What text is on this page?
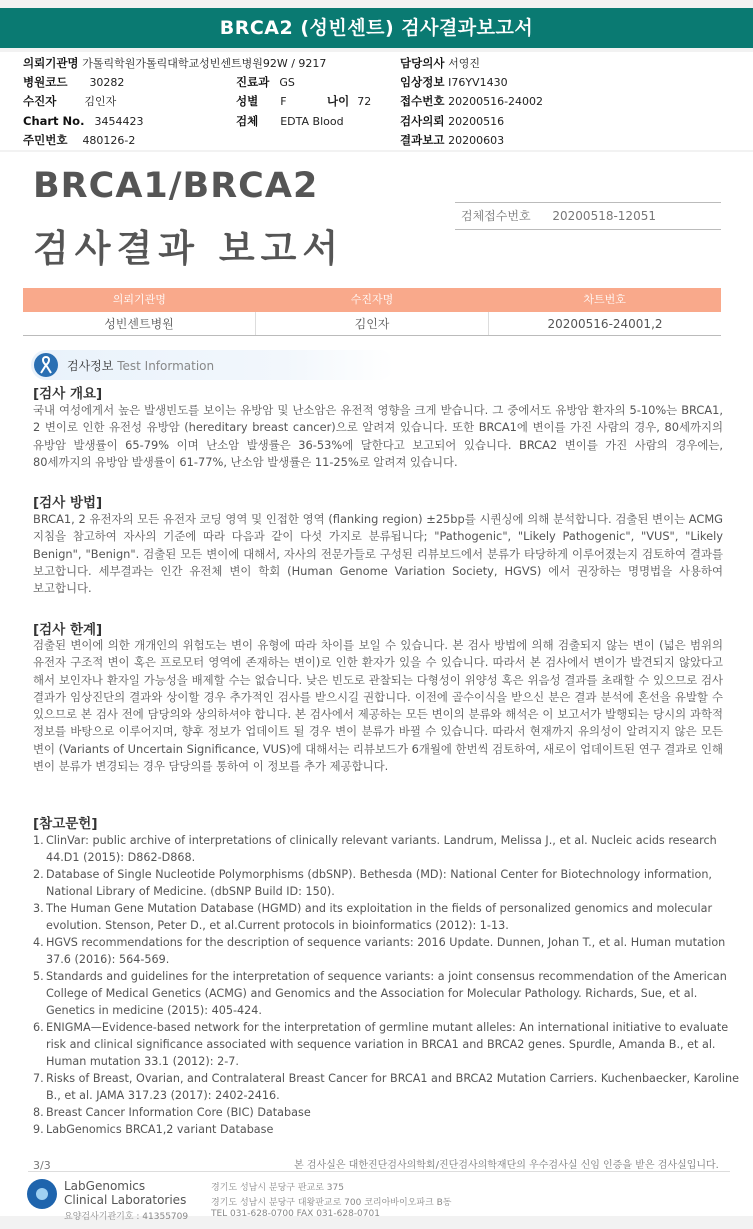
BRCA2 (성빈센트) 검사결과보고서
의뢰기관명 가톨릭학원가톨릭대학교성빈센트병원92W / 9217
병원코드 30282
수진자	김인자
Chart No. 3454423
주민번호 480126-2
진료과 GS
성별 F	나이 72
검체 EDTA Blood
담당의사 서영진
임상정보 I76YV1430
접수번호 20200516-24002
검사의뢰 20200516
결과보고 20200603
BRCA1/BRCA2
검사결과 보고서
검체접수번호 20200518-12051
의뢰기관명	수진자명	차트번호
성빈센트병원	김인자	20200516-24001,2
검사정보 Test Information
[검사 개요]
국내 여성에게서 높은 발생빈도를 보이는 유방암 및 난소암은 유전적 영향을 크게 받습니다. 그 중에서도 유방암 환자의 5-10%는 BRCA1, 2 변이로 인한 유전성 유방암 (hereditary breast cancer)으로 알려져 있습니다. 또한 BRCA1에 변이를 가진 사람의 경우, 80세까지의 유방암 발생률이 65-79% 이며 난소암 발생률은 36-53%에 달한다고 보고되어 있습니다. BRCA2 변이를 가진 사람의 경우에는, 80세까지의 유방암 발생률이 61-77%, 난소암 발생률은 11-25%로 알려져 있습니다.
[검사 방법]
BRCA1, 2 유전자의 모든 유전자 코딩 영역 및 인접한 영역 (flanking region) ±25bp를 시퀀싱에 의해 분석합니다. 검출된 변이는 ACMG 지침을 참고하여 자사의 기준에 따라 다음과 같이 다섯 가지로 분류됩니다; "Pathogenic", "Likely Pathogenic", "VUS", "Likely Benign", "Benign". 검출된 모든 변이에 대해서, 자사의 전문가들로 구성된 리뷰보드에서 분류가 타당하게 이루어졌는지 검토하여 결과를 보고합니다. 세부결과는 인간 유전체 변이 학회 (Human Genome Variation Society, HGVS) 에서 권장하는 명명법을 사용하여 보고합니다.
[검사 한계]
검출된 변이에 의한 개개인의 위험도는 변이 유형에 따라 차이를 보일 수 있습니다. 본 검사 방법에 의해 검출되지 않는 변이 (넓은 범위의 유전자 구조적 변이 혹은 프로모터 영역에 존재하는 변이)로 인한 환자가 있을 수 있습니다. 따라서 본 검사에서 변이가 발견되지 않았다고 해서 보인자나 환자일 가능성을 배제할 수는 없습니다. 낮은 빈도로 관찰되는 다형성이 위양성 혹은 위음성 결과를 초래할 수 있으므로 검사 결과가 임상진단의 결과와 상이할 경우 추가적인 검사를 받으시길 권합니다. 이전에 골수이식을 받으신 분은 결과 분석에 혼선을 유발할 수 있으므로 본 검사 전에 담당의와 상의하셔야 합니다. 본 검사에서 제공하는 모든 변이의 분류와 해석은 이 보고서가 발행되는 당시의 과학적 정보를 바탕으로 이루어지며, 향후 정보가 업데이트 될 경우 변이 분류가 바뀔 수 있습니다. 따라서 현재까지 유의성이 알려지지 않은 모든 변이 (Variants of Uncertain Significance, VUS)에 대해서는 리뷰보드가 6개월에 한번씩 검토하여, 새로이 업데이트된 연구 결과로 인해 변이 분류가 변경되는 경우 담당의를 통하여 이 정보를 추가 제공합니다.
[참고문헌]
1. ClinVar: public archive of interpretations of clinically relevant variants. Landrum, Melissa J., et al. Nucleic acids research 44.D1 (2015): D862-D868.
2. Database of Single Nucleotide Polymorphisms (dbSNP). Bethesda (MD): National Center for Biotechnology information, National Library of Medicine. (dbSNP Build ID: 150).
3. The Human Gene Mutation Database (HGMD) and its exploitation in the fields of personalized genomics and molecular evolution. Stenson, Peter D., et al.Current protocols in bioinformatics (2012): 1-13.
4. HGVS recommendations for the description of sequence variants: 2016 Update. Dunnen, Johan T., et al. Human mutation 37.6 (2016): 564-569.
5. Standards and guidelines for the interpretation of sequence variants: a joint consensus recommendation of the American College of Medical Genetics (ACMG) and Genomics and the Association for Molecular Pathology. Richards, Sue, et al. Genetics in medicine (2015): 405-424.
6. ENIGMA—Evidence‐based network for the interpretation of germline mutant alleles: An international initiative to evaluate risk and clinical significance associated with sequence variation in BRCA1 and BRCA2 genes. Spurdle, Amanda B., et al. Human mutation 33.1 (2012): 2-7.
7. Risks of Breast, Ovarian, and Contralateral Breast Cancer for BRCA1 and BRCA2 Mutation Carriers. Kuchenbaecker, Karoline B., et al. JAMA 317.23 (2017): 2402-2416.
8. Breast Cancer Information Core (BIC) Database
9. LabGenomics BRCA1,2 variant Database
3/3	본 검사실은 대한진단검사의학회/진단검사의학재단의 우수검사실 신임 인증을 받은 검사실입니다.
LabGenomics
Clinical Laboratories
요양검사기관기호 : 41355709
경기도 성남시 분당구 판교로 375
경기도 성남시 분당구 대왕판교로 700 코리아바이오파크 B동
TEL 031-628-0700 FAX 031-628-0701
